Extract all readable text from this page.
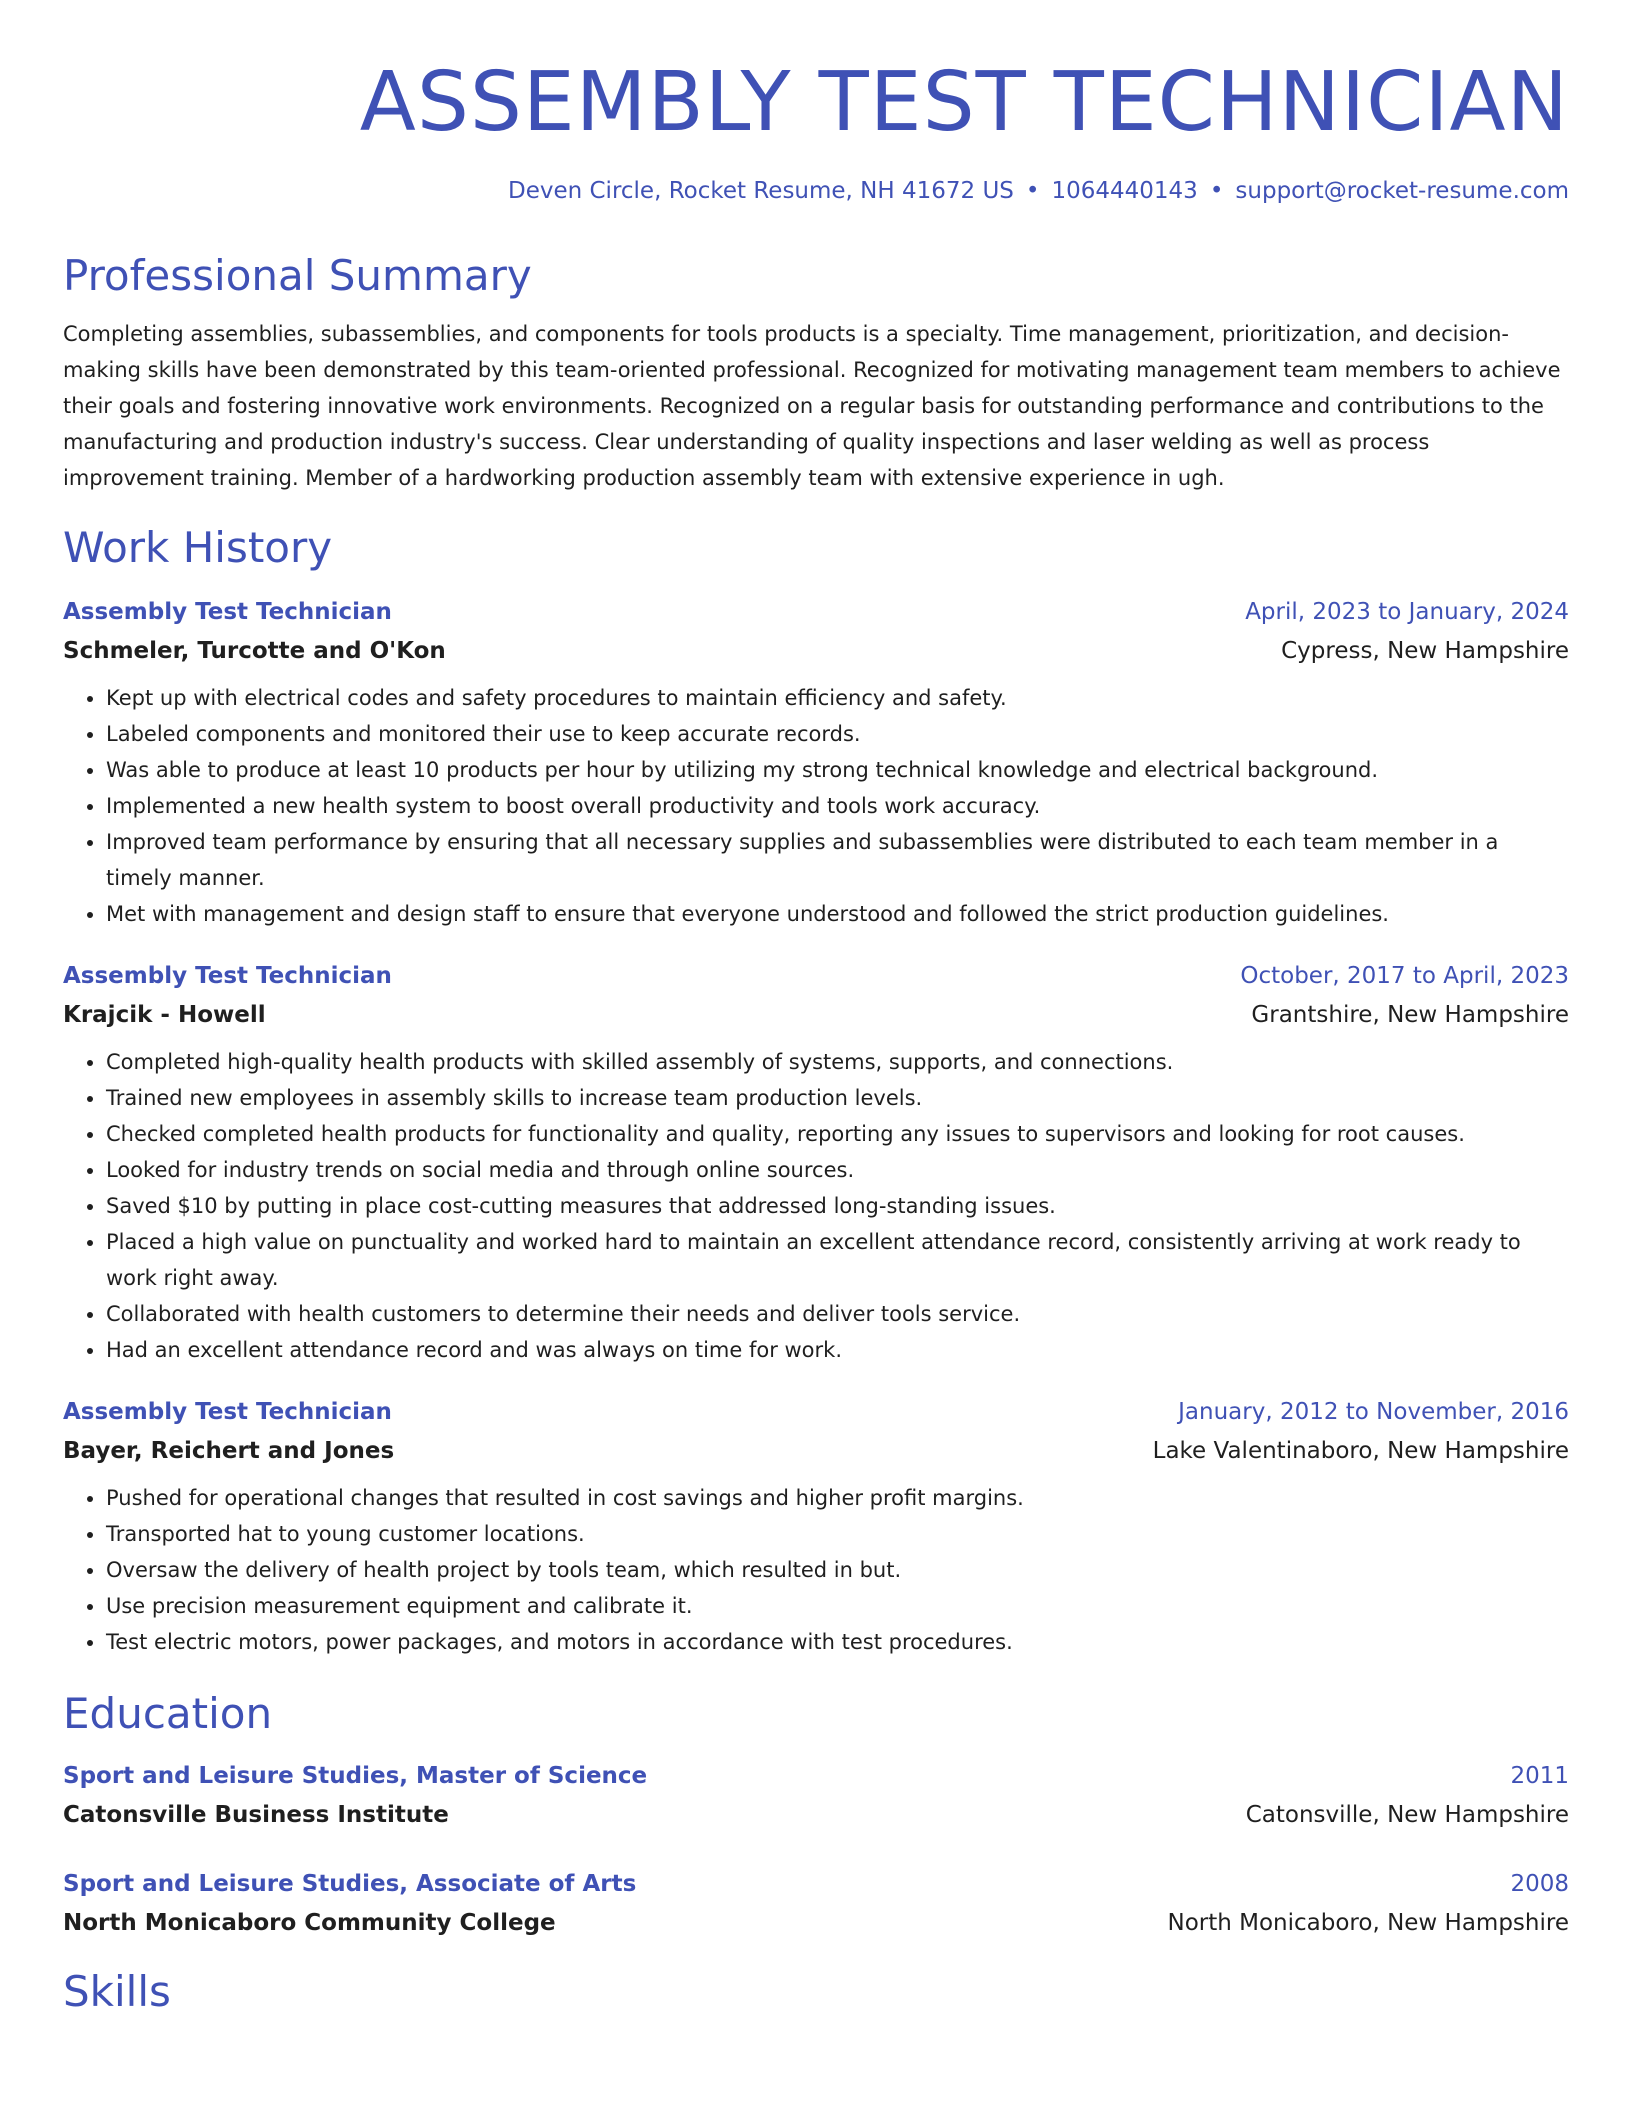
ASSEMBLY TEST TECHNICIAN
Deven Circle, Rocket Resume, NH 41672 US • 1064440143 • support@rocket-resume.com
Professional Summary
Completing assemblies, subassemblies, and components for tools products is a specialty. Time management, prioritization, and decision-making skills have been demonstrated by this team-oriented professional. Recognized for motivating management team members to achieve their goals and fostering innovative work environments. Recognized on a regular basis for outstanding performance and contributions to the manufacturing and production industry's success. Clear understanding of quality inspections and laser welding as well as process improvement training. Member of a hardworking production assembly team with extensive experience in ugh.
Work History
Assembly Test Technician	April, 2023 to January, 2024
Schmeler, Turcotte and O'Kon	Cypress, New Hampshire
• Kept up with electrical codes and safety procedures to maintain efficiency and safety.
• Labeled components and monitored their use to keep accurate records.
• Was able to produce at least 10 products per hour by utilizing my strong technical knowledge and electrical background.
• Implemented a new health system to boost overall productivity and tools work accuracy.
• Improved team performance by ensuring that all necessary supplies and subassemblies were distributed to each team member in a timely manner.
• Met with management and design staff to ensure that everyone understood and followed the strict production guidelines.
Assembly Test Technician	October, 2017 to April, 2023
Krajcik - Howell	Grantshire, New Hampshire
• Completed high-quality health products with skilled assembly of systems, supports, and connections.
• Trained new employees in assembly skills to increase team production levels.
• Checked completed health products for functionality and quality, reporting any issues to supervisors and looking for root causes.
• Looked for industry trends on social media and through online sources.
• Saved $10 by putting in place cost-cutting measures that addressed long-standing issues.
• Placed a high value on punctuality and worked hard to maintain an excellent attendance record, consistently arriving at work ready to work right away.
• Collaborated with health customers to determine their needs and deliver tools service.
• Had an excellent attendance record and was always on time for work.
Assembly Test Technician	January, 2012 to November, 2016
Bayer, Reichert and Jones	Lake Valentinaboro, New Hampshire
• Pushed for operational changes that resulted in cost savings and higher profit margins.
• Transported hat to young customer locations.
• Oversaw the delivery of health project by tools team, which resulted in but.
• Use precision measurement equipment and calibrate it.
• Test electric motors, power packages, and motors in accordance with test procedures.
Education
Sport and Leisure Studies, Master of Science	2011
Catonsville Business Institute	Catonsville, New Hampshire
Sport and Leisure Studies, Associate of Arts	2008
North Monicaboro Community College	North Monicaboro, New Hampshire
Skills
